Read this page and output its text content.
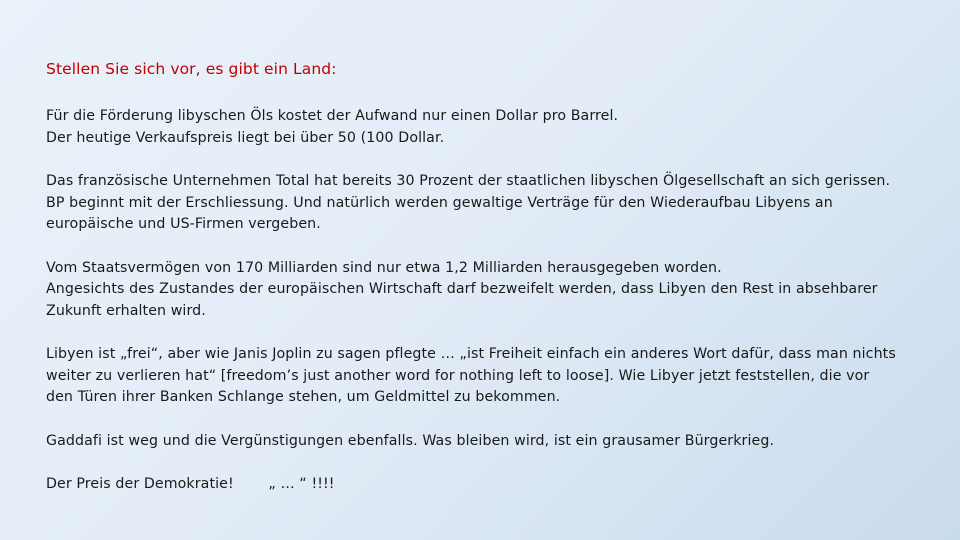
Stellen Sie sich vor, es gibt ein Land:
Für die Förderung libyschen Öls kostet der Aufwand nur einen Dollar pro Barrel.
Der heutige Verkaufspreis liegt bei über 50 (100 Dollar.
Das französische Unternehmen Total hat bereits 30 Prozent der staatlichen libyschen Ölgesellschaft an sich gerissen.
BP beginnt mit der Erschliessung. Und natürlich werden gewaltige Verträge für den Wiederaufbau Libyens an
europäische und US-Firmen vergeben.
Vom Staatsvermögen von 170 Milliarden sind nur etwa 1,2 Milliarden herausgegeben worden.
Angesichts des Zustandes der europäischen Wirtschaft darf bezweifelt werden, dass Libyen den Rest in absehbarer
Zukunft erhalten wird.
Libyen ist „frei“, aber wie Janis Joplin zu sagen pflegte … „ist Freiheit einfach ein anderes Wort dafür, dass man nichts
weiter zu verlieren hat“ [freedom’s just another word for nothing left to loose]. Wie Libyer jetzt feststellen, die vor
den Türen ihrer Banken Schlange stehen, um Geldmittel zu bekommen.
Gaddafi ist weg und die Vergünstigungen ebenfalls. Was bleiben wird, ist ein grausamer Bürgerkrieg.
Der Preis der Demokratie! „ … “ !!!!
